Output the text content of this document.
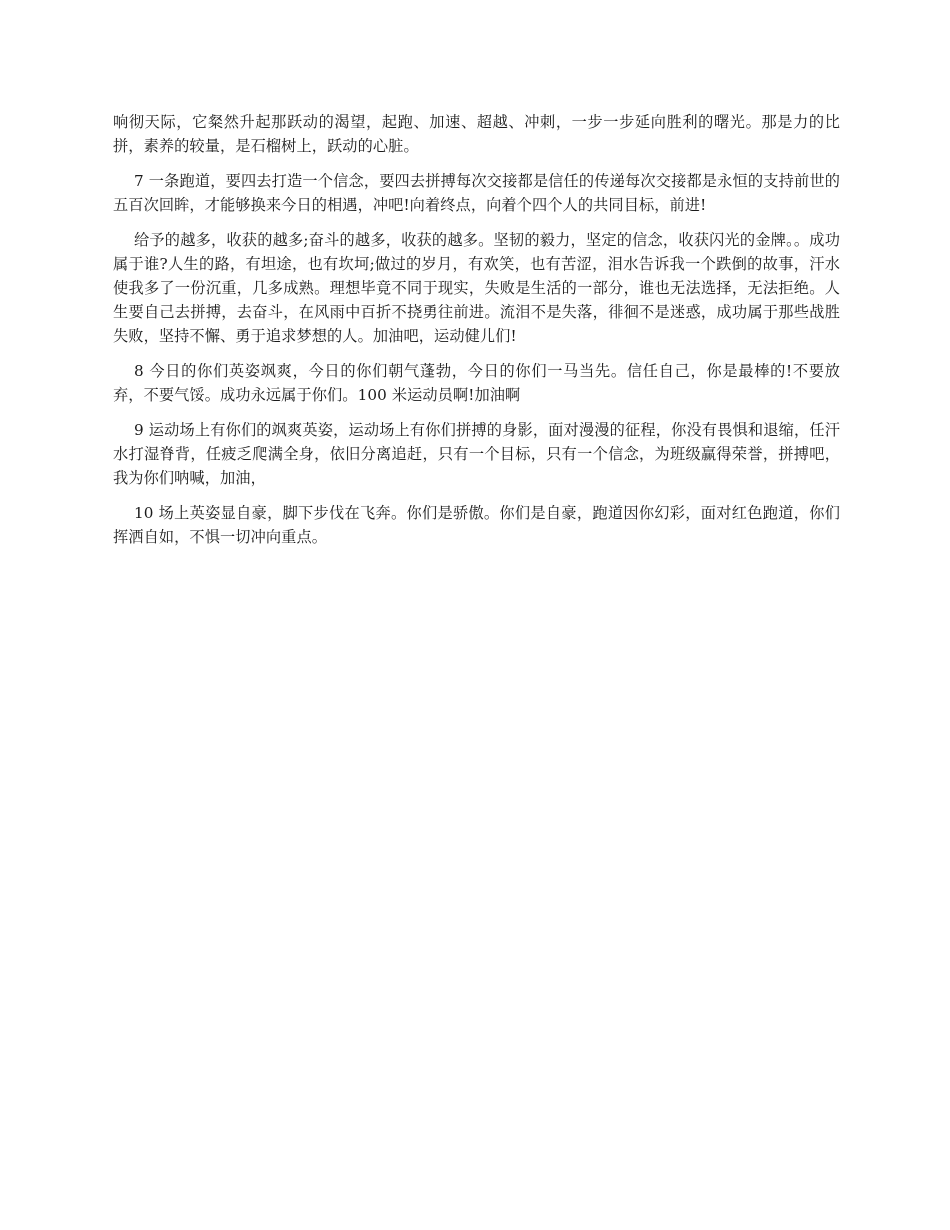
响彻天际，它粲然升起那跃动的渴望，起跑、加速、超越、冲刺，一步一步延向胜利的曙光。那是力的比拼，素养的较量，是石榴树上，跃动的心脏。

7 一条跑道，要四去打造一个信念，要四去拼搏每次交接都是信任的传递每次交接都是永恒的支持前世的五百次回眸，才能够换来今日的相遇，冲吧!向着终点，向着个四个人的共同目标，前进!

给予的越多，收获的越多;奋斗的越多，收获的越多。坚韧的毅力，坚定的信念，收获闪光的金牌。。成功属于谁?人生的路，有坦途，也有坎坷;做过的岁月，有欢笑，也有苦涩，泪水告诉我一个跌倒的故事，汗水使我多了一份沉重，几多成熟。理想毕竟不同于现实，失败是生活的一部分，谁也无法选择，无法拒绝。人生要自己去拼搏，去奋斗，在风雨中百折不挠勇往前进。流泪不是失落，徘徊不是迷惑，成功属于那些战胜失败，坚持不懈、勇于追求梦想的人。加油吧，运动健儿们!

8 今日的你们英姿飒爽，今日的你们朝气蓬勃，今日的你们一马当先。信任自己，你是最棒的!不要放弃，不要气馁。成功永远属于你们。100 米运动员啊!加油啊

9 运动场上有你们的飒爽英姿，运动场上有你们拼搏的身影，面对漫漫的征程，你没有畏惧和退缩，任汗水打湿脊背，任疲乏爬满全身，依旧分离追赶，只有一个目标，只有一个信念，为班级赢得荣誉，拼搏吧，我为你们呐喊，加油，

10 场上英姿显自豪，脚下步伐在飞奔。你们是骄傲。你们是自豪，跑道因你幻彩，面对红色跑道，你们挥洒自如，不惧一切冲向重点。
